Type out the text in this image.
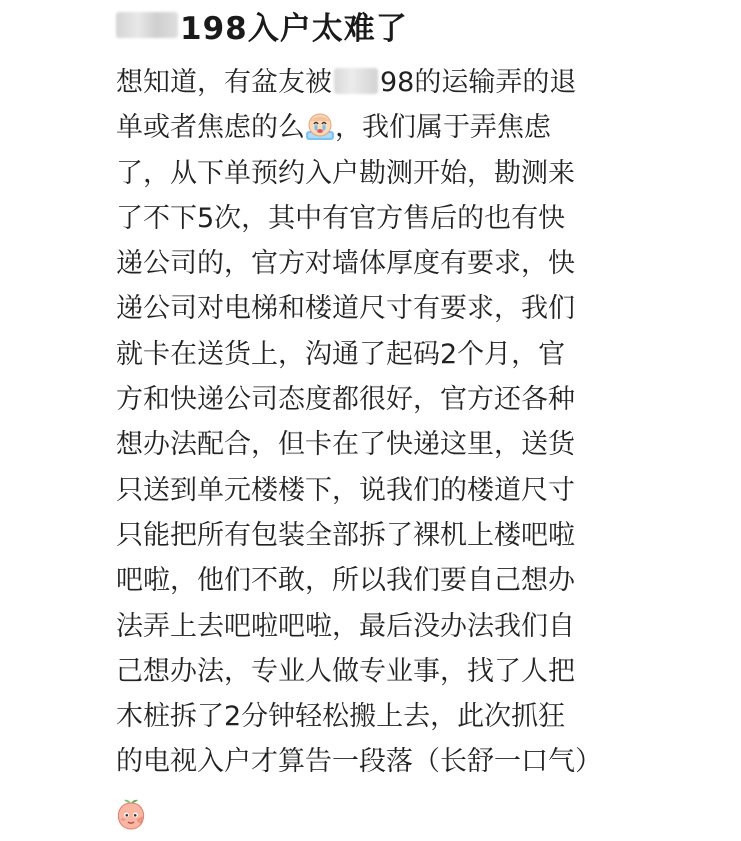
198入户太难了

想知道，有盆友被 98的运输弄的退
单或者焦虑的么 ，我们属于弄焦虑
了，从下单预约入户勘测开始，勘测来
了不下5次，其中有官方售后的也有快
递公司的，官方对墙体厚度有要求，快
递公司对电梯和楼道尺寸有要求，我们
就卡在送货上，沟通了起码2个月，官
方和快递公司态度都很好，官方还各种
想办法配合，但卡在了快递这里，送货
只送到单元楼楼下，说我们的楼道尺寸
只能把所有包装全部拆了裸机上楼吧啦
吧啦，他们不敢，所以我们要自己想办
法弄上去吧啦吧啦，最后没办法我们自
己想办法，专业人做专业事，找了人把
木桩拆了2分钟轻松搬上去，此次抓狂
的电视入户才算告一段落（长舒一口气）
